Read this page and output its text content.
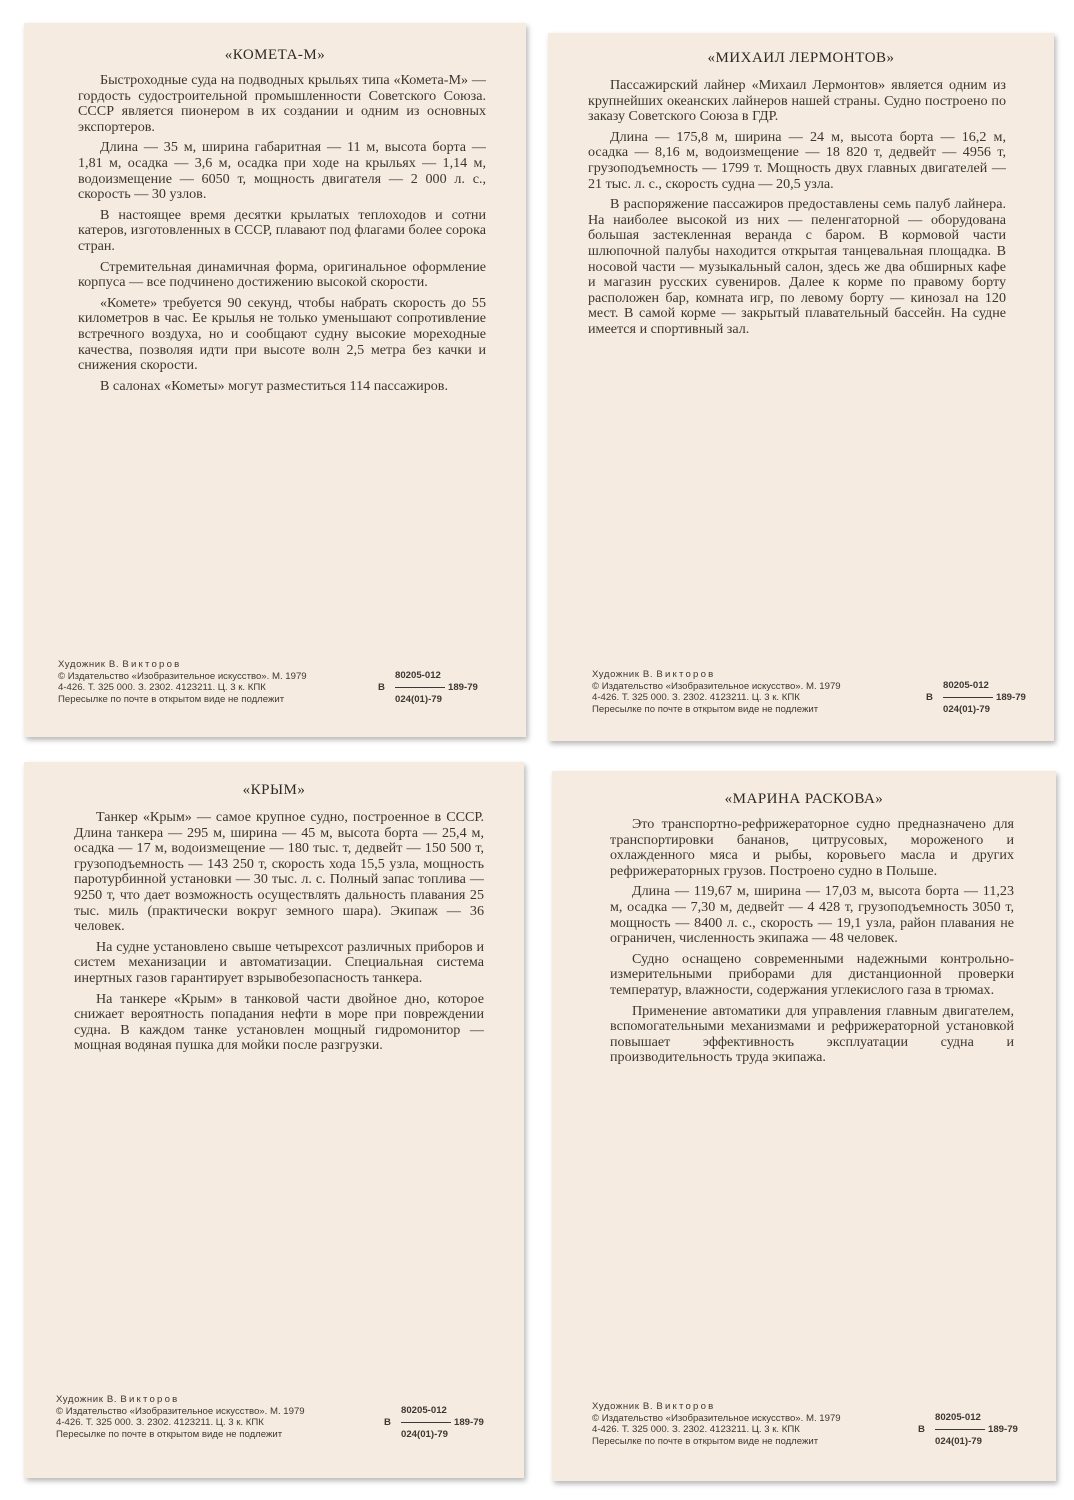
«КОМЕТА-М»

Быстроходные суда на подводных крыльях типа «Комета-М» — гордость судостроительной промышленности Советского Союза. СССР является пионером в их создании и одним из основных экспортеров.

Длина — 35 м, ширина габаритная — 11 м, высота борта — 1,81 м, осадка — 3,6 м, осадка при ходе на крыльях — 1,14 м, водоизмещение — 6050 т, мощность двигателя — 2 000 л. с., скорость — 30 узлов.

В настоящее время десятки крылатых теплоходов и сотни катеров, изготовленных в СССР, плавают под флагами более сорока стран.

Стремительная динамичная форма, оригинальное оформление корпуса — все подчинено достижению высокой скорости.

«Комете» требуется 90 секунд, чтобы набрать скорость до 55 километров в час. Ее крылья не только уменьшают сопротивление встречного воздуха, но и сообщают судну высокие мореходные качества, позволяя идти при высоте волн 2,5 метра без качки и снижения скорости.

В салонах «Кометы» могут разместиться 114 пассажиров.

Художник В. Викторов
© Издательство «Изобразительное искусство». М. 1979
4-426. Т. 325 000. З. 2302. 4123211. Ц. 3 к. КПК
Пересылке по почте в открытом виде не подлежит
В
80205-012
189-79
024(01)-79
«МИХАИЛ ЛЕРМОНТОВ»

Пассажирский лайнер «Михаил Лермонтов» является одним из крупнейших океанских лайнеров нашей страны. Судно построено по заказу Советского Союза в ГДР.

Длина — 175,8 м, ширина — 24 м, высота борта — 16,2 м, осадка — 8,16 м, водоизмещение — 18 820 т, дедвейт — 4956 т, грузоподъемность — 1799 т. Мощность двух главных двигателей — 21 тыс. л. с., скорость судна — 20,5 узла.

В распоряжение пассажиров предоставлены семь палуб лайнера. На наиболее высокой из них — пеленгаторной — оборудована большая застекленная веранда с баром. В кормовой части шлюпочной палубы находится открытая танцевальная площадка. В носовой части — музыкальный салон, здесь же два обширных кафе и магазин русских сувениров. Далее к корме по правому борту расположен бар, комната игр, по левому борту — кинозал на 120 мест. В самой корме — закрытый плавательный бассейн. На судне имеется и спортивный зал.

Художник В. Викторов
© Издательство «Изобразительное искусство». М. 1979
4-426. Т. 325 000. З. 2302. 4123211. Ц. 3 к. КПК
Пересылке по почте в открытом виде не подлежит
В
80205-012
189-79
024(01)-79
«КРЫМ»

Танкер «Крым» — самое крупное судно, построенное в СССР. Длина танкера — 295 м, ширина — 45 м, высота борта — 25,4 м, осадка — 17 м, водоизмещение — 180 тыс. т, дедвейт — 150 500 т, грузоподъемность — 143 250 т, скорость хода 15,5 узла, мощность паротурбинной установки — 30 тыс. л. с. Полный запас топлива — 9250 т, что дает возможность осуществлять дальность плавания 25 тыс. миль (практически вокруг земного шара). Экипаж — 36 человек.

На судне установлено свыше четырехсот различных приборов и систем механизации и автоматизации. Специальная система инертных газов гарантирует взрывобезопасность танкера.

На танкере «Крым» в танковой части двойное дно, которое снижает вероятность попадания нефти в море при повреждении судна. В каждом танке установлен мощный гидромонитор — мощная водяная пушка для мойки после разгрузки.

Художник В. Викторов
© Издательство «Изобразительное искусство». М. 1979
4-426. Т. 325 000. З. 2302. 4123211. Ц. 3 к. КПК
Пересылке по почте в открытом виде не подлежит
В
80205-012
189-79
024(01)-79
«МАРИНА РАСКОВА»

Это транспортно-рефрижераторное судно предназначено для транспортировки бананов, цитрусовых, мороженого и охлажденного мяса и рыбы, коровьего масла и других рефрижераторных грузов. Построено судно в Польше.

Длина — 119,67 м, ширина — 17,03 м, высота борта — 11,23 м, осадка — 7,30 м, дедвейт — 4 428 т, грузоподъемность 3050 т, мощность — 8400 л. с., скорость — 19,1 узла, район плавания не ограничен, численность экипажа — 48 человек.

Судно оснащено современными надежными контрольно-измерительными приборами для дистанционной проверки температур, влажности, содержания углекислого газа в трюмах.

Применение автоматики для управления главным двигателем, вспомогательными механизмами и рефрижераторной установкой повышает эффективность эксплуатации судна и производительность труда экипажа.

Художник В. Викторов
© Издательство «Изобразительное искусство». М. 1979
4-426. Т. 325 000. З. 2302. 4123211. Ц. 3 к. КПК
Пересылке по почте в открытом виде не подлежит
В
80205-012
189-79
024(01)-79
